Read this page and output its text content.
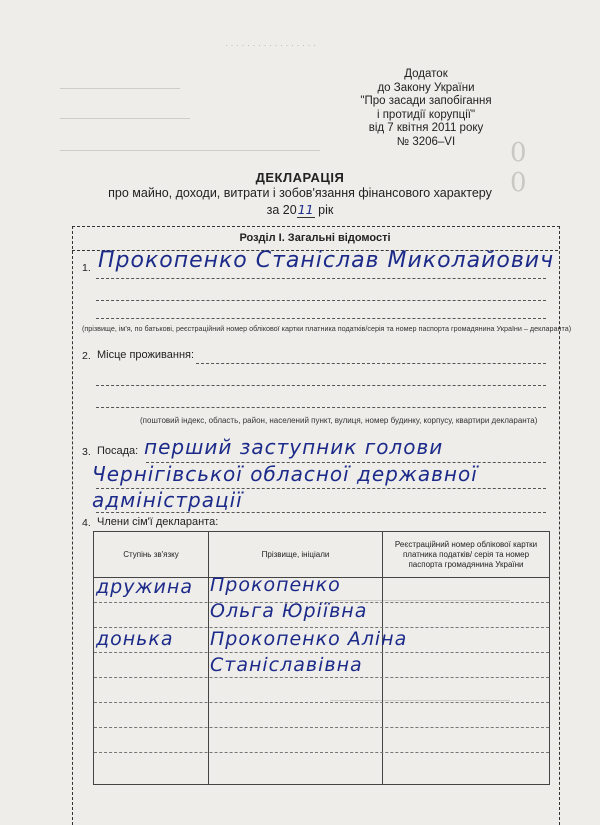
· · · · · · · · · · · · · · · · ·
0
0
Додаток
до Закону України
"Про засади запобігання
і протидії корупції"
від 7 квітня 2011 року
№ 3206–VI
ДЕКЛАРАЦІЯ
про майно, доходи, витрати і зобов'язання фінансового характеру
за 2011 рік
Розділ І. Загальні відомості
1. Прокопенко Станіслав Миколайович
(прізвище, ім'я, по батькові, реєстраційний номер облікової картки платника податків/серія та номер паспорта громадянина України – декларанта)
2. Місце проживання:
(поштовий індекс, область, район, населений пункт, вулиця, номер будинку, корпусу, квартири декларанта)
3. Посада: перший заступник голови
Чернігівської обласної державної
адміністрації
4. Члени сім'ї декларанта:
Ступінь зв'язку	Прізвище, ініціали
Реєстраційний номер облікової картки платника податків/ серія та номер паспорта громадянина України
дружина Прокопенко
Ольга Юріївна
донька Прокопенко Аліна
Станіславівна
